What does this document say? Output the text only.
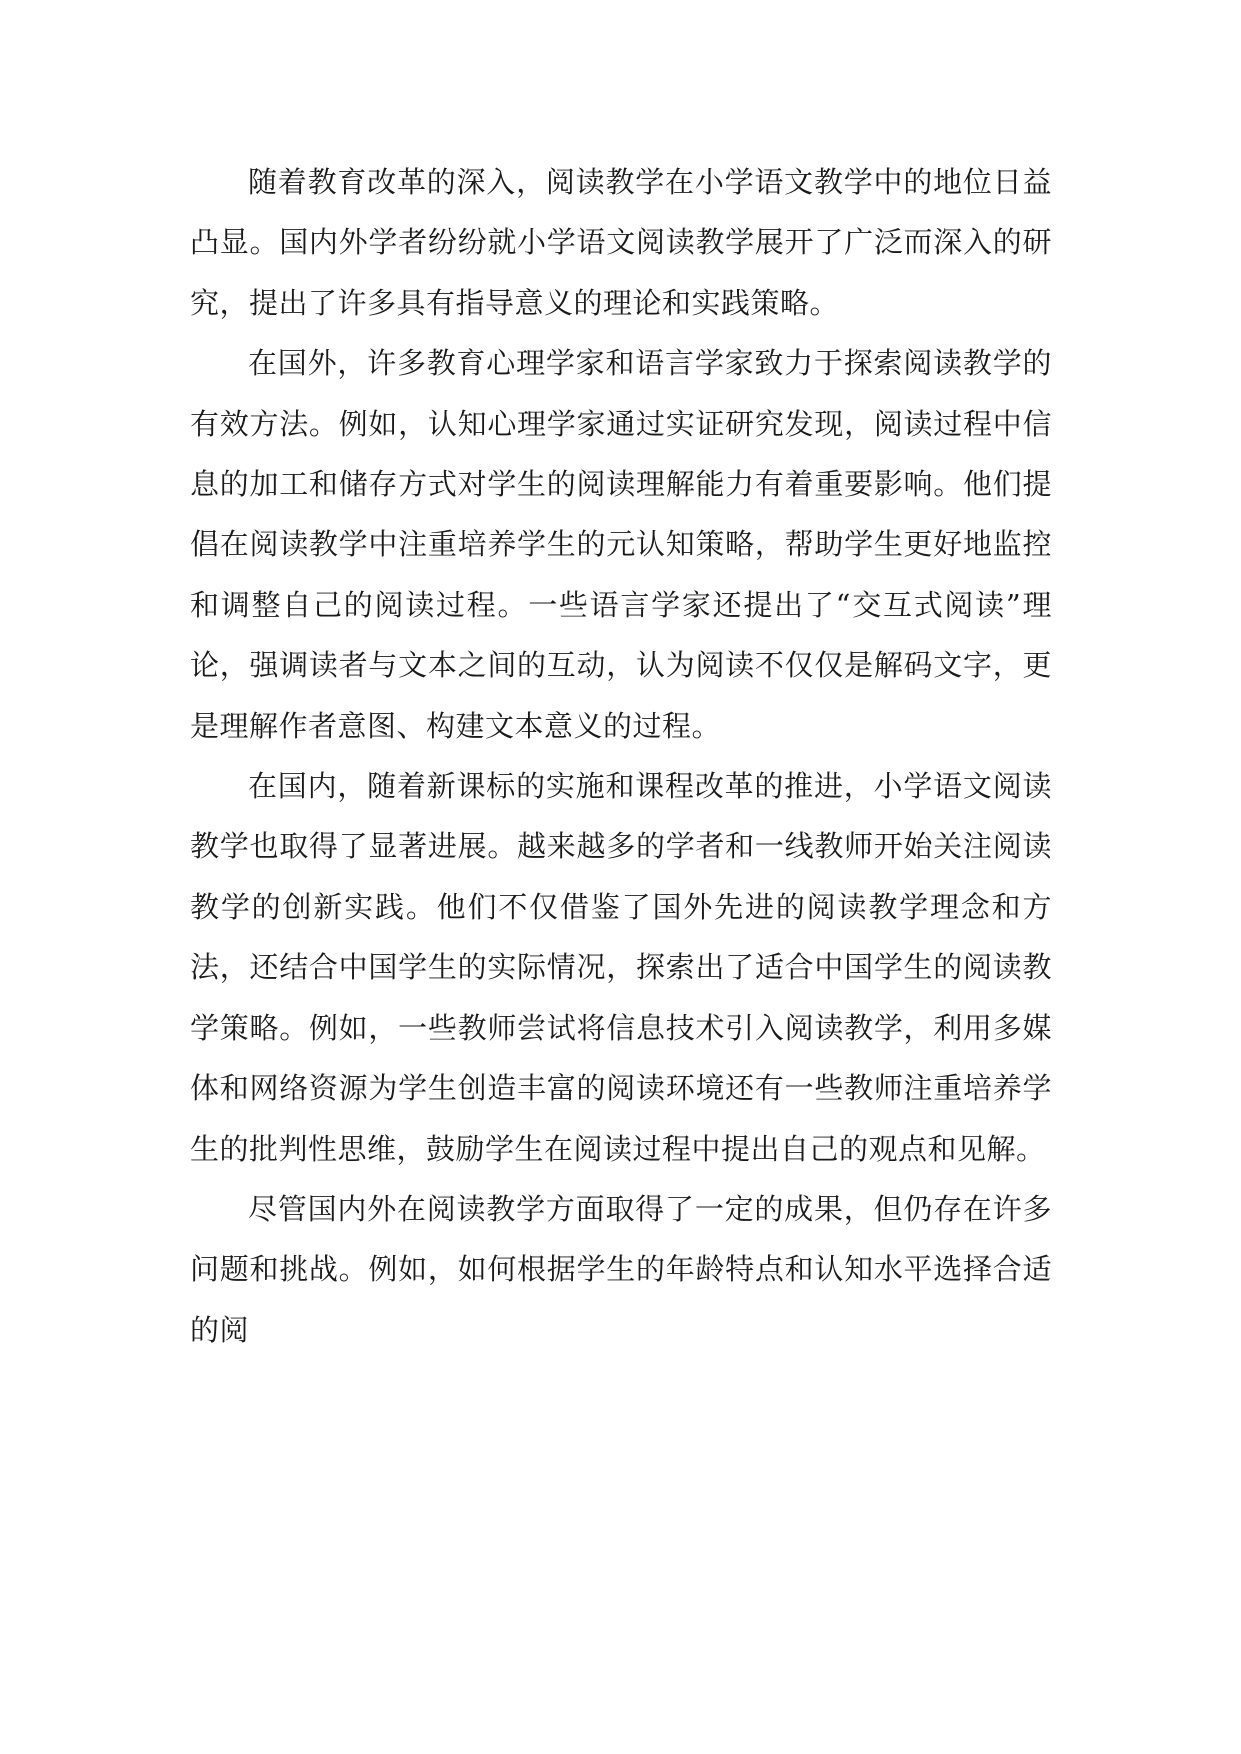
随着教育改革的深入，阅读教学在小学语文教学中的地位日益凸显。国内外学者纷纷就小学语文阅读教学展开了广泛而深入的研究，提出了许多具有指导意义的理论和实践策略。

在国外，许多教育心理学家和语言学家致力于探索阅读教学的有效方法。例如，认知心理学家通过实证研究发现，阅读过程中信息的加工和储存方式对学生的阅读理解能力有着重要影响。他们提倡在阅读教学中注重培养学生的元认知策略，帮助学生更好地监控和调整自己的阅读过程。一些语言学家还提出了“交互式阅读”理论，强调读者与文本之间的互动，认为阅读不仅仅是解码文字，更是理解作者意图、构建文本意义的过程。

在国内，随着新课标的实施和课程改革的推进，小学语文阅读教学也取得了显著进展。越来越多的学者和一线教师开始关注阅读教学的创新实践。他们不仅借鉴了国外先进的阅读教学理念和方法，还结合中国学生的实际情况，探索出了适合中国学生的阅读教学策略。例如，一些教师尝试将信息技术引入阅读教学，利用多媒体和网络资源为学生创造丰富的阅读环境还有一些教师注重培养学生的批判性思维，鼓励学生在阅读过程中提出自己的观点和见解。

尽管国内外在阅读教学方面取得了一定的成果，但仍存在许多问题和挑战。例如，如何根据学生的年龄特点和认知水平选择合适的阅
